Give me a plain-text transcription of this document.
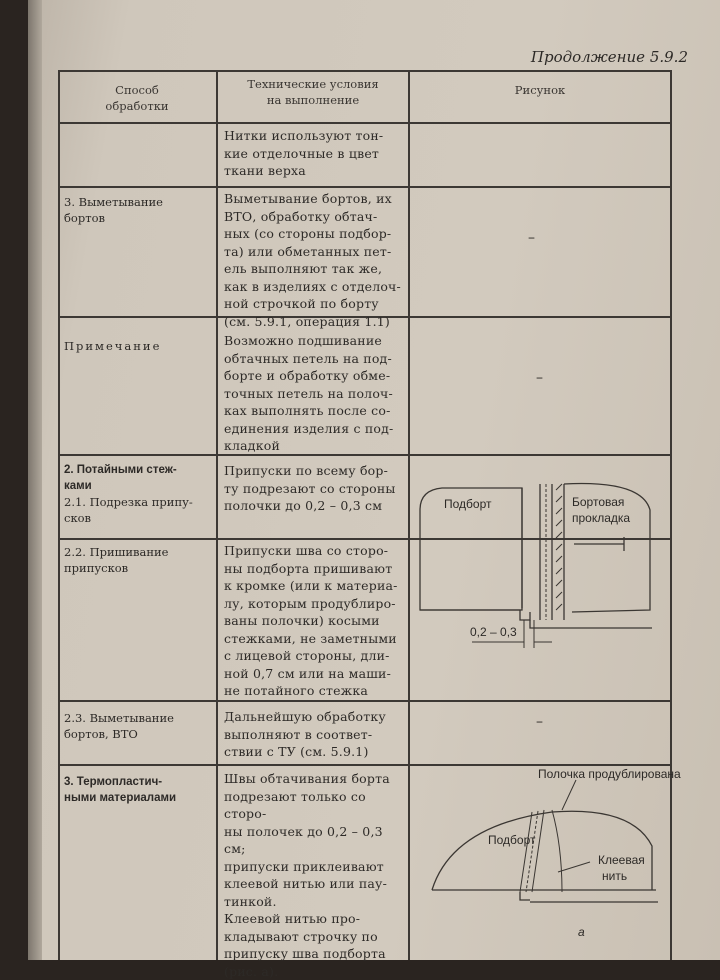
Продолжение 5.9.2
Способ
обработки
Технические условия
на выполнение
Рисунок
Нитки используют тон-
кие отделочные в цвет
ткани верха
3. Выметывание
бортов
Выметывание бортов, их
ВТО, обработку обтач-
ных (со стороны подбор-
та) или обметанных пет-
ель выполняют так же,
как в изделиях с отделоч-
ной строчкой по борту
(см. 5.9.1, операция 1.1)
–
Примечание	Возможно подшивание
обтачных петель на под-
борте и обработку обме-
точных петель на полоч-
ках выполнять после со-
единения изделия с под-
кладкой
–
2. Потайными стеж-
ками
2.1. Подрезка припу-
сков
Припуски по всему бор-
ту подрезают со стороны
полочки до 0,2 – 0,3 см
2.2. Пришивание
припусков
Припуски шва со сторо-
ны подборта пришивают
к кромке (или к материа-
лу, которым продублиро-
ваны полочки) косыми
стежками, не заметными
с лицевой стороны, дли-
ной 0,7 см или на маши-
не потайного стежка
2.3. Выметывание
бортов, ВТО
Дальнейшую обработку
выполняют в соответ-
ствии с ТУ (см. 5.9.1)
–
3. Термопластич-
ными материалами
Швы обтачивания борта
подрезают только со сторо-
ны полочек до 0,2 – 0,3 см;
припуски приклеивают
клеевой нитью или пау-
тинкой.
Клеевой нитью про-
кладывают строчку по
припуску шва подборта
(рис. а).
Подборт	Бортовая
прокладка
0,2 – 0,3
Полочка продублирована
Подборт
Клеевая
нить
а
